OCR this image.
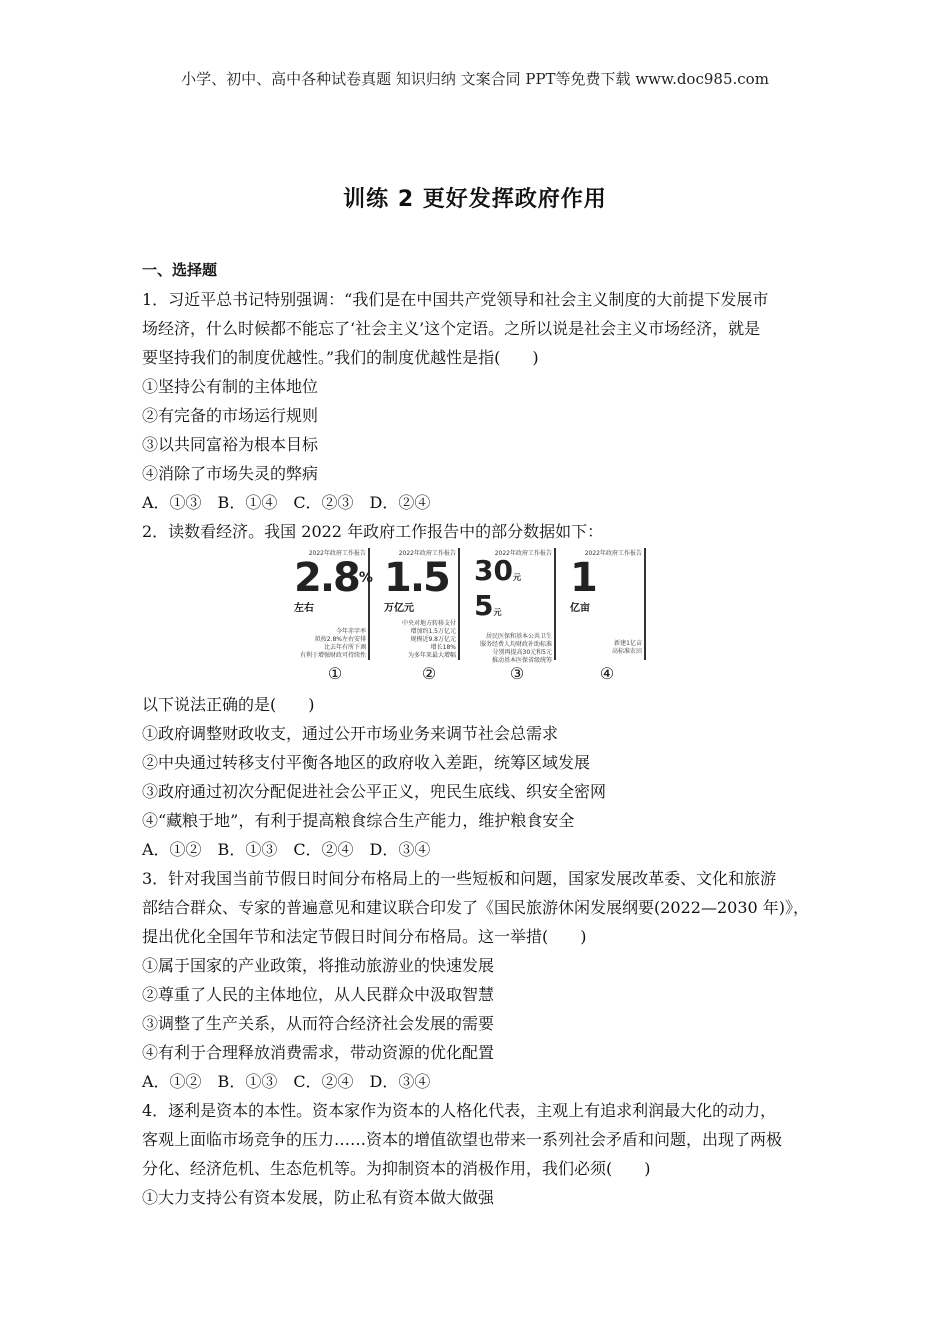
小学、初中、高中各种试卷真题 知识归纳 文案合同 PPT等免费下载 www.doc985.com
训练 2 更好发挥政府作用
一、选择题
1．习近平总书记特别强调：“我们是在中国共产党领导和社会主义制度的大前提下发展市
场经济，什么时候都不能忘了‘社会主义’这个定语。之所以说是社会主义市场经济，就是
要坚持我们的制度优越性。”我们的制度优越性是指(　　)
①坚持公有制的主体地位
②有完备的市场运行规则
③以共同富裕为根本目标
④消除了市场失灵的弊病
A．①③　B．①④　C．②③　D．②④
2．读数看经济。我国 2022 年政府工作报告中的部分数据如下：
2022年政府工作报告
2.8%
左右
今年赤字率
拟按2.8%左右安排
比去年有所下调
有利于增强财政可持续性
2022年政府工作报告
1.5
万亿元
中央对地方转移支付
增加约1.5万亿元
规模近9.8万亿元
增长18%
为多年来最大增幅
2022年政府工作报告
30元
5元
居民医保和基本公共卫生
服务经费人均财政补助标准
分别再提高30元和5元
推动基本医保省级统筹
2022年政府工作报告
1
亿亩
新建1亿亩
高标准农田
①	②	③	④
以下说法正确的是(　　)
①政府调整财政收支，通过公开市场业务来调节社会总需求
②中央通过转移支付平衡各地区的政府收入差距，统筹区域发展
③政府通过初次分配促进社会公平正义，兜民生底线、织安全密网
④“藏粮于地”，有利于提高粮食综合生产能力，维护粮食安全
A．①②　B．①③　C．②④　D．③④
3．针对我国当前节假日时间分布格局上的一些短板和问题，国家发展改革委、文化和旅游
部结合群众、专家的普遍意见和建议联合印发了《国民旅游休闲发展纲要(2022—2030 年)》，
提出优化全国年节和法定节假日时间分布格局。这一举措(　　)
①属于国家的产业政策，将推动旅游业的快速发展
②尊重了人民的主体地位，从人民群众中汲取智慧
③调整了生产关系，从而符合经济社会发展的需要
④有利于合理释放消费需求，带动资源的优化配置
A．①②　B．①③　C．②④　D．③④
4．逐利是资本的本性。资本家作为资本的人格化代表，主观上有追求利润最大化的动力，
客观上面临市场竞争的压力……资本的增值欲望也带来一系列社会矛盾和问题，出现了两极
分化、经济危机、生态危机等。为抑制资本的消极作用，我们必须(　　)
①大力支持公有资本发展，防止私有资本做大做强
